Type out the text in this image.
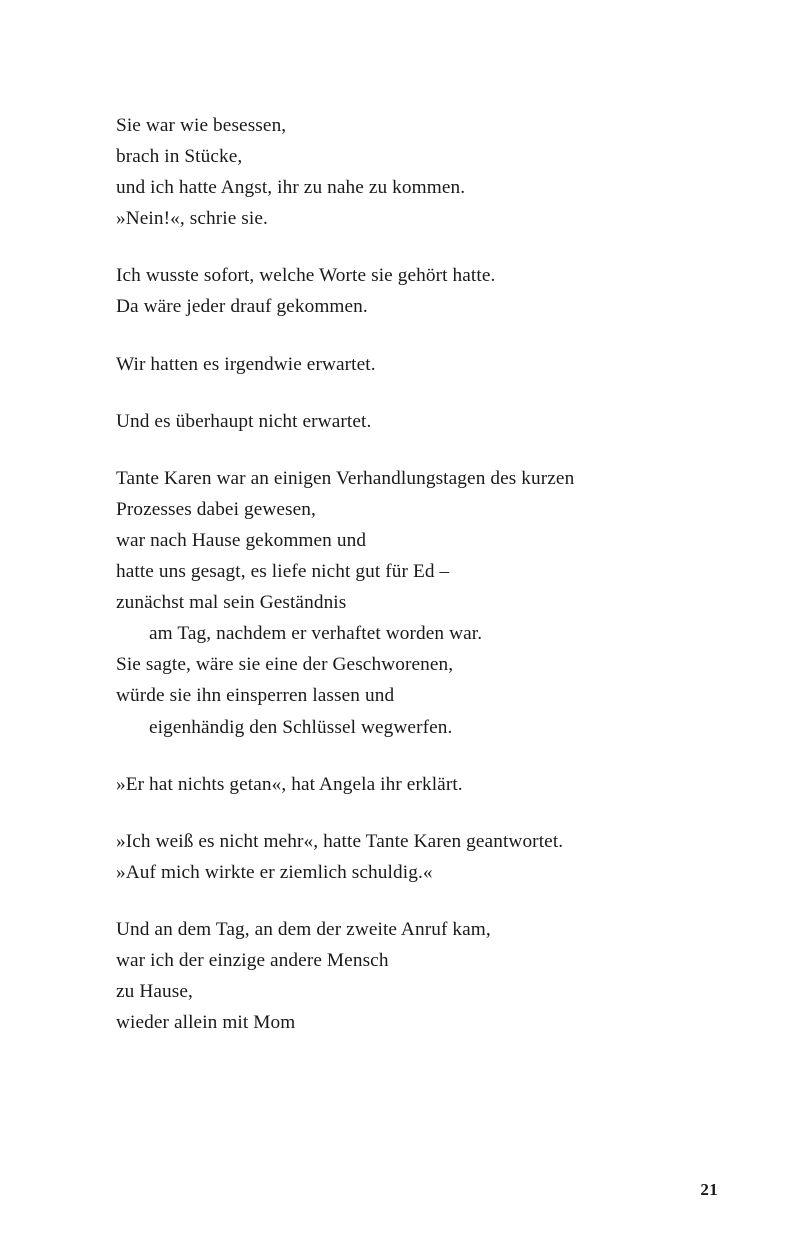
Sie war wie besessen,
brach in Stücke,
und ich hatte Angst, ihr zu nahe zu kommen.
»Nein!«, schrie sie.
Ich wusste sofort, welche Worte sie gehört hatte.
Da wäre jeder drauf gekommen.
Wir hatten es irgendwie erwartet.
Und es überhaupt nicht erwartet.
Tante Karen war an einigen Verhandlungstagen des kurzen
Prozesses dabei gewesen,
war nach Hause gekommen und
hatte uns gesagt, es liefe nicht gut für Ed –
zunächst mal sein Geständnis
am Tag, nachdem er verhaftet worden war.
Sie sagte, wäre sie eine der Geschworenen,
würde sie ihn einsperren lassen und
eigenhändig den Schlüssel wegwerfen.
»Er hat nichts getan«, hat Angela ihr erklärt.
»Ich weiß es nicht mehr«, hatte Tante Karen geantwortet.
»Auf mich wirkte er ziemlich schuldig.«
Und an dem Tag, an dem der zweite Anruf kam,
war ich der einzige andere Mensch
zu Hause,
wieder allein mit Mom
21
